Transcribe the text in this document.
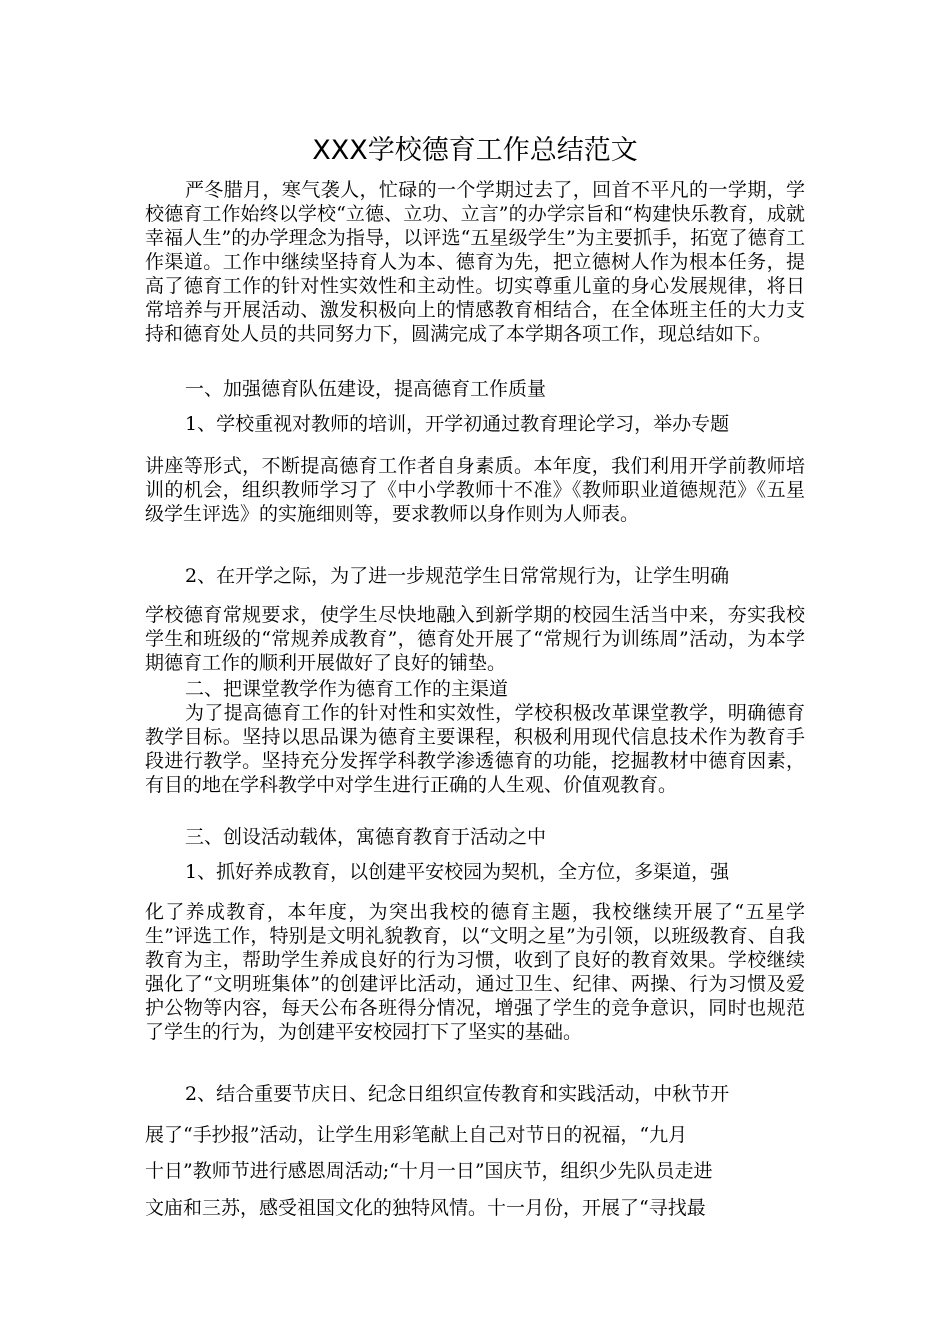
XXX学校德育工作总结范文

严冬腊月，寒气袭人，忙碌的一个学期过去了，回首不平凡的一学期，学校德育工作始终以学校“立德、立功、立言”的办学宗旨和“构建快乐教育，成就幸福人生”的办学理念为指导，以评选“五星级学生”为主要抓手，拓宽了德育工作渠道。工作中继续坚持育人为本、德育为先，把立德树人作为根本任务，提高了德育工作的针对性实效性和主动性。切实尊重儿童的身心发展规律，将日常培养与开展活动、激发积极向上的情感教育相结合，在全体班主任的大力支持和德育处人员的共同努力下，圆满完成了本学期各项工作，现总结如下。

一、加强德育队伍建设，提高德育工作质量

1、学校重视对教师的培训，开学初通过教育理论学习，举办专题

讲座等形式，不断提高德育工作者自身素质。本年度，我们利用开学前教师培训的机会，组织教师学习了《中小学教师十不准》《教师职业道德规范》《五星级学生评选》的实施细则等，要求教师以身作则为人师表。

2、在开学之际，为了进一步规范学生日常常规行为，让学生明确

学校德育常规要求，使学生尽快地融入到新学期的校园生活当中来，夯实我校学生和班级的“常规养成教育”，德育处开展了“常规行为训练周”活动，为本学期德育工作的顺利开展做好了良好的铺垫。

二、把课堂教学作为德育工作的主渠道

为了提高德育工作的针对性和实效性，学校积极改革课堂教学，明确德育教学目标。坚持以思品课为德育主要课程，积极利用现代信息技术作为教育手段进行教学。坚持充分发挥学科教学渗透德育的功能，挖掘教材中德育因素，有目的地在学科教学中对学生进行正确的人生观、价值观教育。

三、创设活动载体，寓德育教育于活动之中

1、抓好养成教育，以创建平安校园为契机，全方位，多渠道，强

化了养成教育，本年度，为突出我校的德育主题，我校继续开展了“五星学生”评选工作，特别是文明礼貌教育，以“文明之星”为引领，以班级教育、自我教育为主，帮助学生养成良好的行为习惯，收到了良好的教育效果。学校继续强化了“文明班集体”的创建评比活动，通过卫生、纪律、两操、行为习惯及爱护公物等内容，每天公布各班得分情况，增强了学生的竞争意识，同时也规范了学生的行为，为创建平安校园打下了坚实的基础。

2、结合重要节庆日、纪念日组织宣传教育和实践活动，中秋节开

展了“手抄报”活动，让学生用彩笔献上自己对节日的祝福，“九月

十日”教师节进行感恩周活动;“十月一日”国庆节，组织少先队员走进

文庙和三苏，感受祖国文化的独特风情。十一月份，开展了“寻找最
